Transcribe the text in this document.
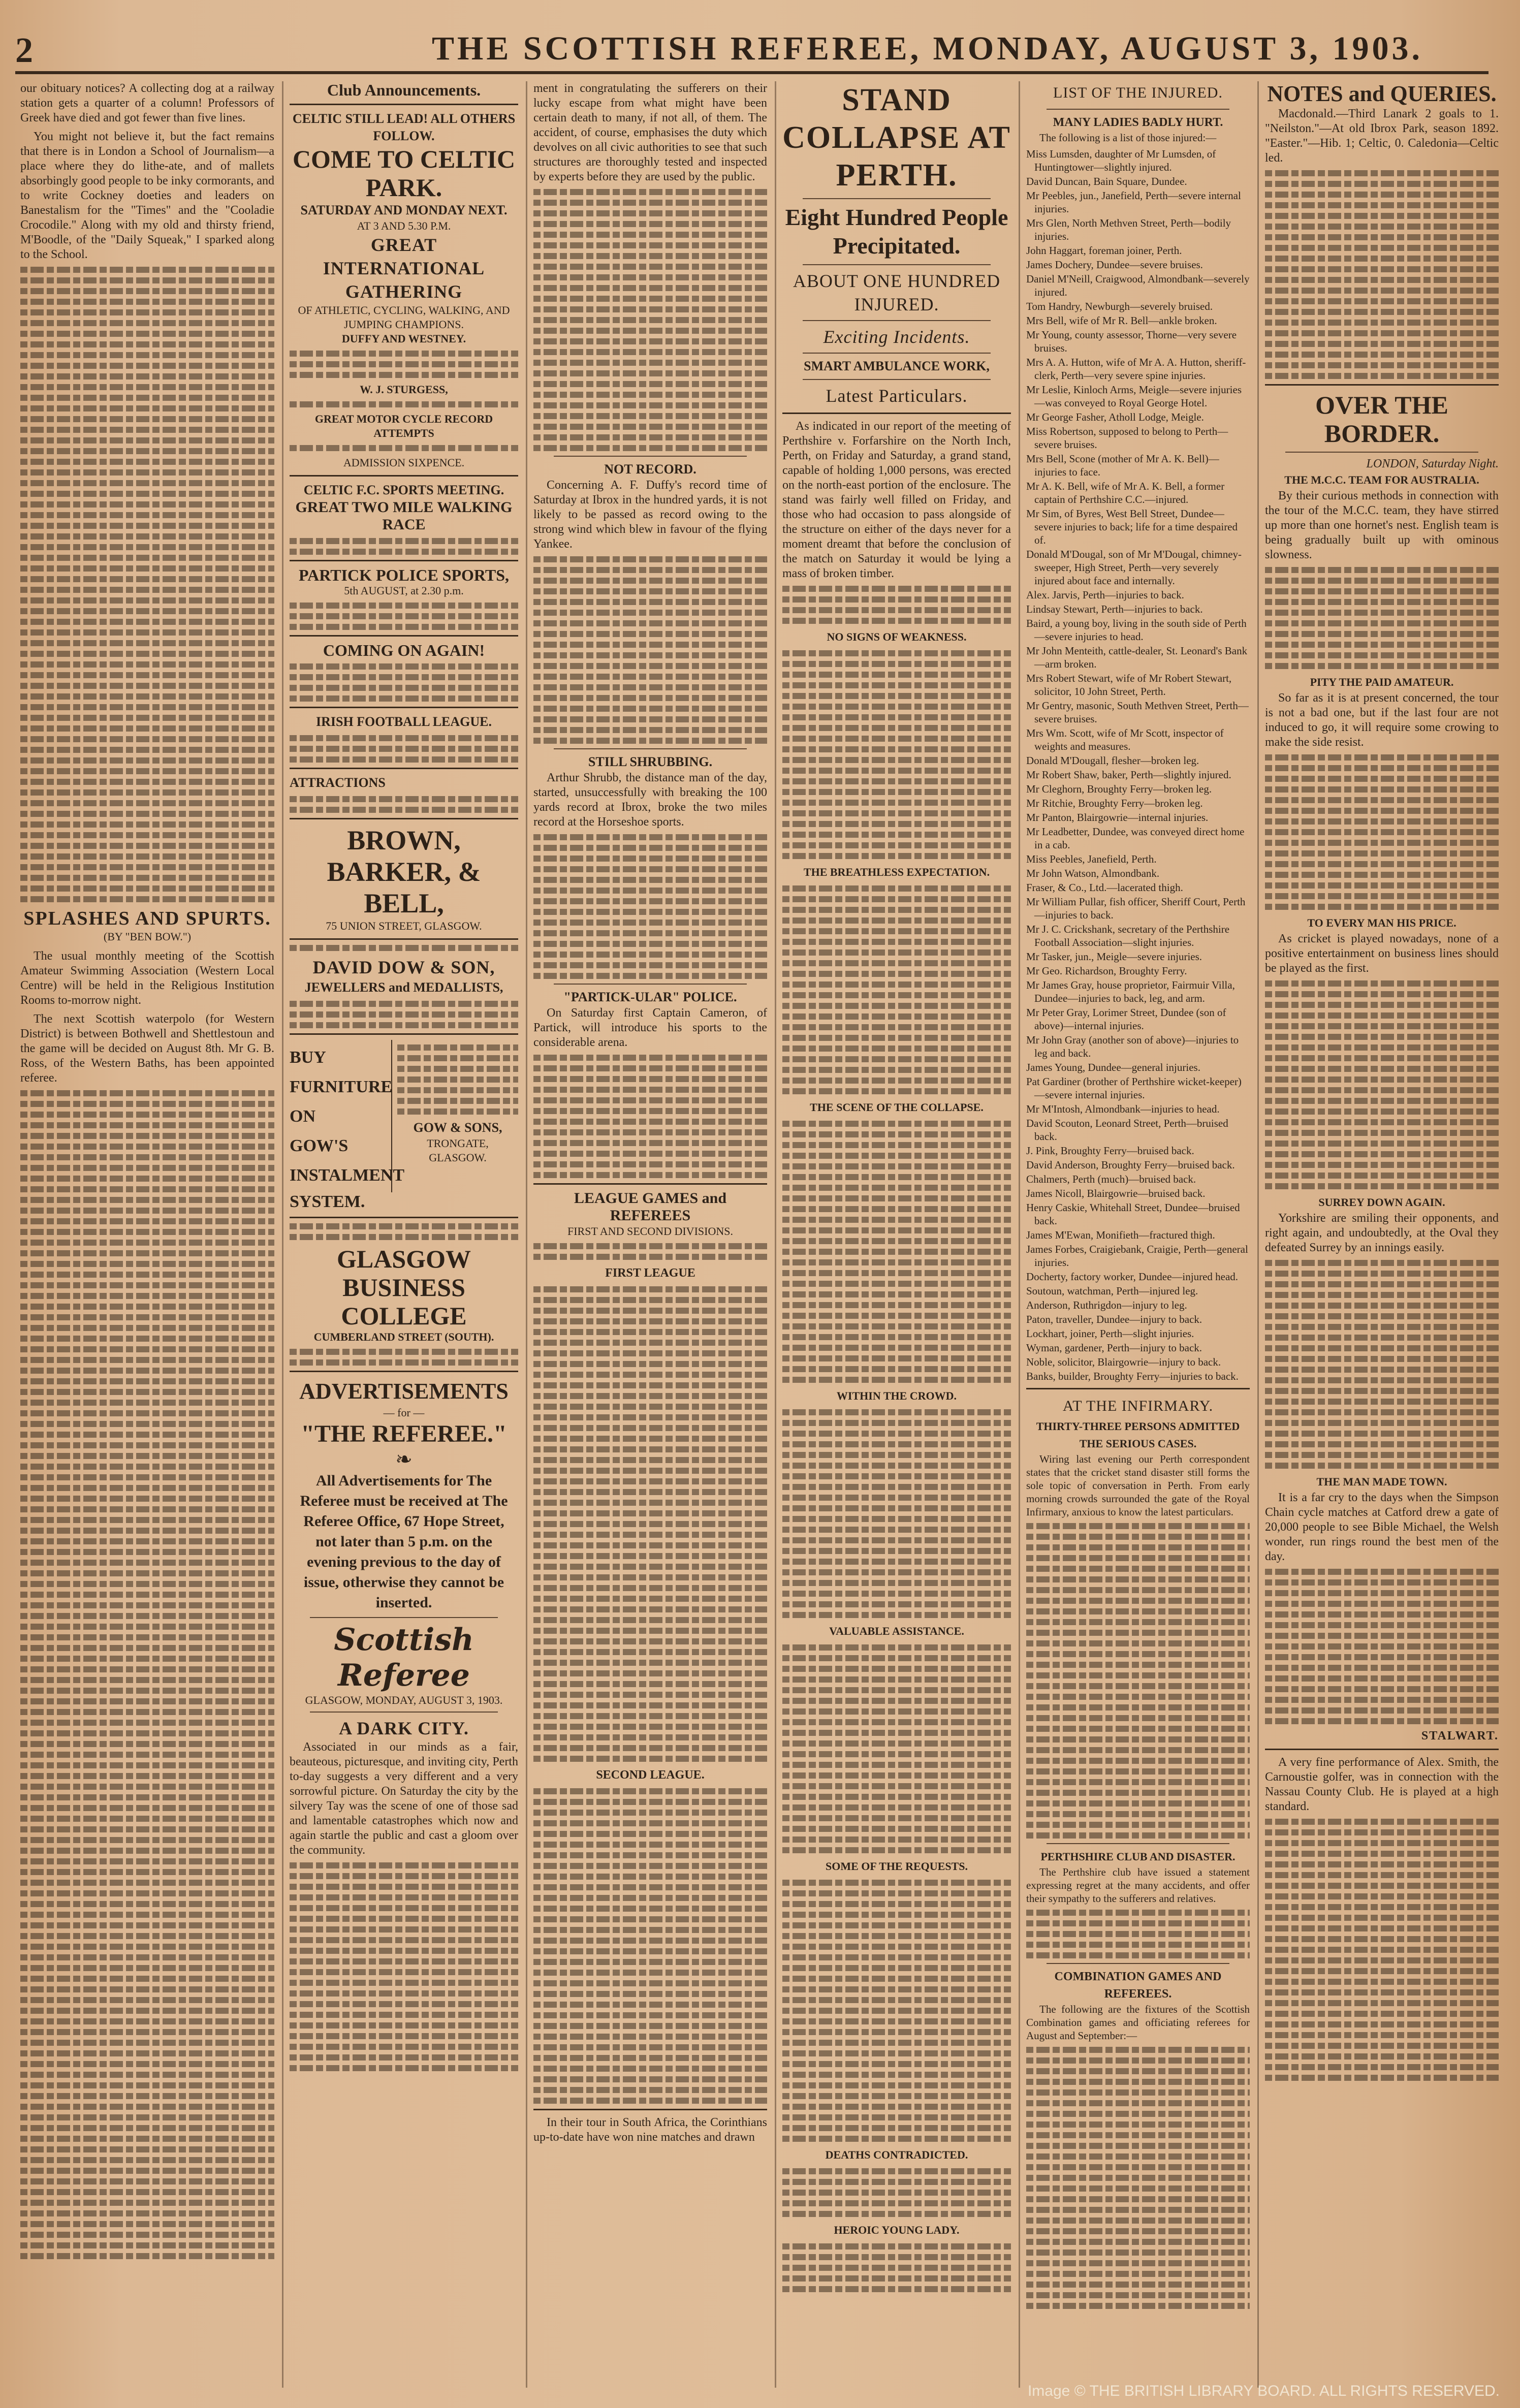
2	THE SCOTTISH REFEREE, MONDAY, AUGUST 3, 1903.

our obituary notices? A collecting dog at a railway station gets a quarter of a column! Professors of Greek have died and got fewer than five lines.

You might not believe it, but the fact remains that there is in London a School of Journalism—a place where they do lithe-ate, and of mallets absorbingly good people to be inky cormorants, and to write Cockney doeties and leaders on Banestalism for the "Times" and the "Cooladie Crocodile." Along with my old and thirsty friend, M'Boodle, of the "Daily Squeak," I sparked along to the School.

SPLASHES AND SPURTS.
(BY "BEN BOW.")

The usual monthly meeting of the Scottish Amateur Swimming Association (Western Local Centre) will be held in the Religious Institution Rooms to-morrow night.

The next Scottish waterpolo (for Western District) is between Bothwell and Shettlestoun and the game will be decided on August 8th. Mr G. B. Ross, of the Western Baths, has been appointed referee.

Club Announcements.
CELTIC STILL LEAD! ALL OTHERS FOLLOW.
COME TO CELTIC PARK.
SATURDAY AND MONDAY NEXT.
AT 3 AND 5.30 P.M.
GREAT INTERNATIONAL GATHERING
OF ATHLETIC, CYCLING, WALKING, AND JUMPING CHAMPIONS.
DUFFY AND WESTNEY.
W. J. STURGESS,
GREAT MOTOR CYCLE RECORD ATTEMPTS
ADMISSION SIXPENCE.
CELTIC F.C. SPORTS MEETING.
GREAT TWO MILE WALKING RACE
PARTICK POLICE SPORTS,
5th AUGUST, at 2.30 p.m.
COMING ON AGAIN!
IRISH FOOTBALL LEAGUE.
ATTRACTIONS
BROWN, BARKER, & BELL,
75 UNION STREET, GLASGOW.
DAVID DOW & SON,
JEWELLERS and MEDALLISTS,
BUY
FURNITURE
ON
GOW'S
INSTALMENT
GOW & SONS,
TRONGATE, GLASGOW.
SYSTEM.
GLASGOW BUSINESS COLLEGE
CUMBERLAND STREET (SOUTH).
ADVERTISEMENTS
— for —
"THE REFEREE."
❧
All Advertisements for The Referee must be received at The Referee Office, 67 Hope Street, not later than 5 p.m. on the evening previous to the day of issue, otherwise they cannot be inserted.
Scottish Referee
GLASGOW, MONDAY, AUGUST 3, 1903.
A DARK CITY.

Associated in our minds as a fair, beauteous, picturesque, and inviting city, Perth to-day suggests a very different and a very sorrowful picture. On Saturday the city by the silvery Tay was the scene of one of those sad and lamentable catastrophes which now and again startle the public and cast a gloom over the community.

ment in congratulating the sufferers on their lucky escape from what might have been certain death to many, if not all, of them. The accident, of course, emphasises the duty which devolves on all civic authorities to see that such structures are thoroughly tested and inspected by experts before they are used by the public.

NOT RECORD.

Concerning A. F. Duffy's record time of Saturday at Ibrox in the hundred yards, it is not likely to be passed as record owing to the strong wind which blew in favour of the flying Yankee.

STILL SHRUBBING.

Arthur Shrubb, the distance man of the day, started, unsuccessfully with breaking the 100 yards record at Ibrox, broke the two miles record at the Horseshoe sports.

"PARTICK-ULAR" POLICE.

On Saturday first Captain Cameron, of Partick, will introduce his sports to the considerable arena.

LEAGUE GAMES and REFEREES
FIRST AND SECOND DIVISIONS.
FIRST LEAGUE
SECOND LEAGUE.

In their tour in South Africa, the Corinthians up-to-date have won nine matches and drawn

STAND COLLAPSE AT PERTH.
Eight Hundred People Precipitated.
ABOUT ONE HUNDRED INJURED.
Exciting Incidents.
SMART AMBULANCE WORK,
Latest Particulars.

As indicated in our report of the meeting of Perthshire v. Forfarshire on the North Inch, Perth, on Friday and Saturday, a grand stand, capable of holding 1,000 persons, was erected on the north-east portion of the enclosure. The stand was fairly well filled on Friday, and those who had occasion to pass alongside of the structure on either of the days never for a moment dreamt that before the conclusion of the match on Saturday it would be lying a mass of broken timber.

NO SIGNS OF WEAKNESS.
THE BREATHLESS EXPECTATION.
THE SCENE OF THE COLLAPSE.
WITHIN THE CROWD.
VALUABLE ASSISTANCE.
SOME OF THE REQUESTS.
DEATHS CONTRADICTED.
HEROIC YOUNG LADY.
LIST OF THE INJURED.
MANY LADIES BADLY HURT.
The following is a list of those injured:—
Miss Lumsden, daughter of Mr Lumsden, of Huntingtower—slightly injured.
David Duncan, Bain Square, Dundee.
Mr Peebles, jun., Janefield, Perth—severe internal injuries.
Mrs Glen, North Methven Street, Perth—bodily injuries.
John Haggart, foreman joiner, Perth.
James Dochery, Dundee—severe bruises.
Daniel M'Neill, Craigwood, Almondbank—severely injured.
Tom Handry, Newburgh—severely bruised.
Mrs Bell, wife of Mr R. Bell—ankle broken.
Mr Young, county assessor, Thorne—very severe bruises.
Mrs A. A. Hutton, wife of Mr A. A. Hutton, sheriff-clerk, Perth—very severe spine injuries.
Mr Leslie, Kinloch Arms, Meigle—severe injuries—was conveyed to Royal George Hotel.
Mr George Fasher, Atholl Lodge, Meigle.
Miss Robertson, supposed to belong to Perth—severe bruises.
Mrs Bell, Scone (mother of Mr A. K. Bell)—injuries to face.
Mr A. K. Bell, wife of Mr A. K. Bell, a former captain of Perthshire C.C.—injured.
Mr Sim, of Byres, West Bell Street, Dundee—severe injuries to back; life for a time despaired of.
Donald M'Dougal, son of Mr M'Dougal, chimney-sweeper, High Street, Perth—very severely injured about face and internally.
Alex. Jarvis, Perth—injuries to back.
Lindsay Stewart, Perth—injuries to back.
Baird, a young boy, living in the south side of Perth—severe injuries to head.
Mr John Menteith, cattle-dealer, St. Leonard's Bank—arm broken.
Mrs Robert Stewart, wife of Mr Robert Stewart, solicitor, 10 John Street, Perth.
Mr Gentry, masonic, South Methven Street, Perth—severe bruises.
Mrs Wm. Scott, wife of Mr Scott, inspector of weights and measures.
Donald M'Dougall, flesher—broken leg.
Mr Robert Shaw, baker, Perth—slightly injured.
Mr Cleghorn, Broughty Ferry—broken leg.
Mr Ritchie, Broughty Ferry—broken leg.
Mr Panton, Blairgowrie—internal injuries.
Mr Leadbetter, Dundee, was conveyed direct home in a cab.
Miss Peebles, Janefield, Perth.
Mr John Watson, Almondbank.
Fraser, & Co., Ltd.—lacerated thigh.
Mr William Pullar, fish officer, Sheriff Court, Perth—injuries to back.
Mr J. C. Crickshank, secretary of the Perthshire Football Association—slight injuries.
Mr Tasker, jun., Meigle—severe injuries.
Mr Geo. Richardson, Broughty Ferry.
Mr James Gray, house proprietor, Fairmuir Villa, Dundee—injuries to back, leg, and arm.
Mr Peter Gray, Lorimer Street, Dundee (son of above)—internal injuries.
Mr John Gray (another son of above)—injuries to leg and back.
James Young, Dundee—general injuries.
Pat Gardiner (brother of Perthshire wicket-keeper)—severe internal injuries.
Mr M'Intosh, Almondbank—injuries to head.
David Scouton, Leonard Street, Perth—bruised back.
J. Pink, Broughty Ferry—bruised back.
David Anderson, Broughty Ferry—bruised back.
Chalmers, Perth (much)—bruised back.
James Nicoll, Blairgowrie—bruised back.
Henry Caskie, Whitehall Street, Dundee—bruised back.
James M'Ewan, Monifieth—fractured thigh.
James Forbes, Craigiebank, Craigie, Perth—general injuries.
Docherty, factory worker, Dundee—injured head.
Soutoun, watchman, Perth—injured leg.
Anderson, Ruthrigdon—injury to leg.
Paton, traveller, Dundee—injury to back.
Lockhart, joiner, Perth—slight injuries.
Wyman, gardener, Perth—injury to back.
Noble, solicitor, Blairgowrie—injury to back.
Banks, builder, Broughty Ferry—injuries to back.
AT THE INFIRMARY.
THIRTY-THREE PERSONS ADMITTED
THE SERIOUS CASES.

Wiring last evening our Perth correspondent states that the cricket stand disaster still forms the sole topic of conversation in Perth. From early morning crowds surrounded the gate of the Royal Infirmary, anxious to know the latest particulars.

PERTHSHIRE CLUB AND DISASTER.

The Perthshire club have issued a statement expressing regret at the many accidents, and offer their sympathy to the sufferers and relatives.

COMBINATION GAMES AND REFEREES.

The following are the fixtures of the Scottish Combination games and officiating referees for August and September:—

NOTES and QUERIES.

Macdonald.—Third Lanark 2 goals to 1. "Neilston."—At old Ibrox Park, season 1892. "Easter."—Hib. 1; Celtic, 0. Caledonia—Celtic led.

OVER THE BORDER.
LONDON, Saturday Night.
THE M.C.C. TEAM FOR AUSTRALIA.

By their curious methods in connection with the tour of the M.C.C. team, they have stirred up more than one hornet's nest. English team is being gradually built up with ominous slowness.

PITY THE PAID AMATEUR.

So far as it is at present concerned, the tour is not a bad one, but if the last four are not induced to go, it will require some crowing to make the side resist.

TO EVERY MAN HIS PRICE.

As cricket is played nowadays, none of a positive entertainment on business lines should be played as the first.

SURREY DOWN AGAIN.

Yorkshire are smiling their opponents, and right again, and undoubtedly, at the Oval they defeated Surrey by an innings easily.

THE MAN MADE TOWN.

It is a far cry to the days when the Simpson Chain cycle matches at Catford drew a gate of 20,000 people to see Bible Michael, the Welsh wonder, run rings round the best men of the day.

STALWART.

A very fine performance of Alex. Smith, the Carnoustie golfer, was in connection with the Nassau County Club. He is played at a high standard.

Image © THE BRITISH LIBRARY BOARD. ALL RIGHTS RESERVED.
